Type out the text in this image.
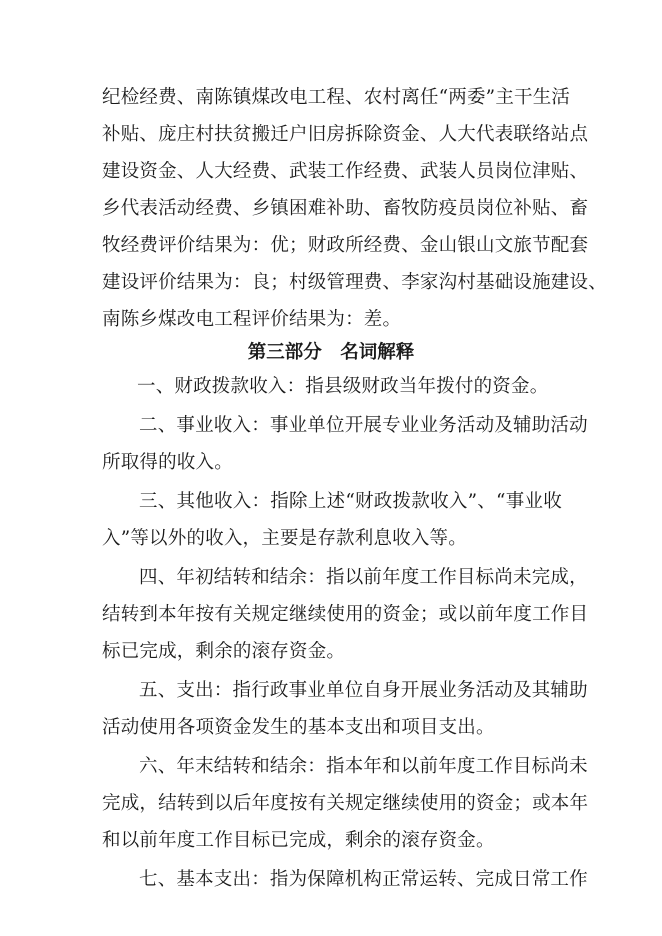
纪检经费、南陈镇煤改电工程、农村离任“两委”主干生活
补贴、庞庄村扶贫搬迁户旧房拆除资金、人大代表联络站点
建设资金、人大经费、武装工作经费、武装人员岗位津贴、
乡代表活动经费、乡镇困难补助、畜牧防疫员岗位补贴、畜
牧经费评价结果为：优；财政所经费、金山银山文旅节配套
建设评价结果为：良；村级管理费、李家沟村基础设施建设、
南陈乡煤改电工程评价结果为：差。
第三部分　名词解释
一、财政拨款收入：指县级财政当年拨付的资金。
二、事业收入：事业单位开展专业业务活动及辅助活动
所取得的收入。
三、其他收入：指除上述“财政拨款收入”、“事业收
入”等以外的收入，主要是存款利息收入等。
四、年初结转和结余：指以前年度工作目标尚未完成，
结转到本年按有关规定继续使用的资金；或以前年度工作目
标已完成，剩余的滚存资金。
五、支出：指行政事业单位自身开展业务活动及其辅助
活动使用各项资金发生的基本支出和项目支出。
六、年末结转和结余：指本年和以前年度工作目标尚未
完成，结转到以后年度按有关规定继续使用的资金；或本年
和以前年度工作目标已完成，剩余的滚存资金。
七、基本支出：指为保障机构正常运转、完成日常工作
